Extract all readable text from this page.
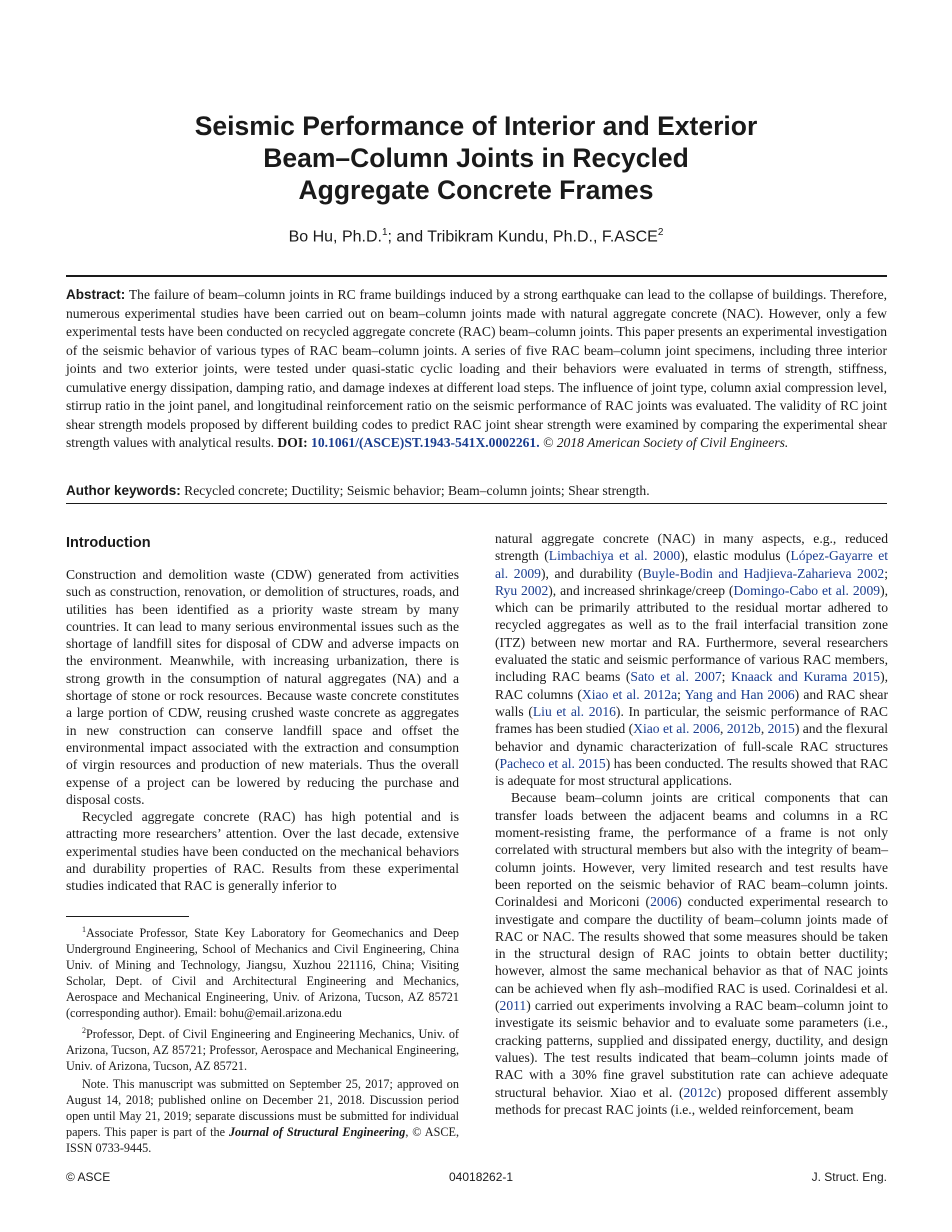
Seismic Performance of Interior and Exterior
Beam–Column Joints in Recycled
Aggregate Concrete Frames
Bo Hu, Ph.D.$^1$; and Tribikram Kundu, Ph.D., F.ASCE$^2$

Abstract: The failure of beam–column joints in RC frame buildings induced by a strong earthquake can lead to the collapse of buildings. Therefore, numerous experimental studies have been carried out on beam–column joints made with natural aggregate concrete (NAC). However, only a few experimental tests have been conducted on recycled aggregate concrete (RAC) beam–column joints. This paper presents an experimental investigation of the seismic behavior of various types of RAC beam–column joints. A series of five RAC beam–column joint specimens, including three interior joints and two exterior joints, were tested under quasi-static cyclic loading and their behaviors were evaluated in terms of strength, stiffness, cumulative energy dissipation, damping ratio, and damage indexes at different load steps. The influence of joint type, column axial compression level, stirrup ratio in the joint panel, and longitudinal reinforcement ratio on the seismic performance of RAC joints was evaluated. The validity of RC joint shear strength models proposed by different building codes to predict RAC joint shear strength were examined by comparing the experimental shear strength values with analytical results. DOI: 10.1061/(ASCE)ST.1943-541X.0002261. © 2018 American Society of Civil Engineers.

Author keywords: Recycled concrete; Ductility; Seismic behavior; Beam–column joints; Shear strength.
Introduction

Construction and demolition waste (CDW) generated from activities such as construction, renovation, or demolition of structures, roads, and utilities has been identified as a priority waste stream by many countries. It can lead to many serious environmental issues such as the shortage of landfill sites for disposal of CDW and adverse impacts on the environment. Meanwhile, with increasing urbanization, there is strong growth in the consumption of natural aggregates (NA) and a shortage of stone or rock resources. Because waste concrete constitutes a large portion of CDW, reusing crushed waste concrete as aggregates in new construction can conserve landfill space and offset the environmental impact associated with the extraction and consumption of virgin resources and production of new materials. Thus the overall expense of a project can be lowered by reducing the purchase and disposal costs.

Recycled aggregate concrete (RAC) has high potential and is attracting more researchers’ attention. Over the last decade, extensive experimental studies have been conducted on the mechanical behaviors and durability properties of RAC. Results from these experimental studies indicated that RAC is generally inferior to

natural aggregate concrete (NAC) in many aspects, e.g., reduced strength (Limbachiya et al. 2000), elastic modulus (López-Gayarre et al. 2009), and durability (Buyle-Bodin and Hadjieva-Zaharieva 2002; Ryu 2002), and increased shrinkage/creep (Domingo-Cabo et al. 2009), which can be primarily attributed to the residual mortar adhered to recycled aggregates as well as to the frail interfacial transition zone (ITZ) between new mortar and RA. Furthermore, several researchers evaluated the static and seismic performance of various RAC members, including RAC beams (Sato et al. 2007; Knaack and Kurama 2015), RAC columns (Xiao et al. 2012a; Yang and Han 2006) and RAC shear walls (Liu et al. 2016). In particular, the seismic performance of RAC frames has been studied (Xiao et al. 2006, 2012b, 2015) and the flexural behavior and dynamic characterization of full-scale RAC structures (Pacheco et al. 2015) has been conducted. The results showed that RAC is adequate for most structural applications.

Because beam–column joints are critical components that can transfer loads between the adjacent beams and columns in a RC moment-resisting frame, the performance of a frame is not only correlated with structural members but also with the integrity of beam–column joints. However, very limited research and test results have been reported on the seismic behavior of RAC beam–column joints. Corinaldesi and Moriconi (2006) conducted experimental research to investigate and compare the ductility of beam–column joints made of RAC or NAC. The results showed that some measures should be taken in the structural design of RAC joints to obtain better ductility; however, almost the same mechanical behavior as that of NAC joints can be achieved when fly ash–modified RAC is used. Corinaldesi et al. (2011) carried out experiments involving a RAC beam–column joint to investigate its seismic behavior and to evaluate some parameters (i.e., cracking patterns, supplied and dissipated energy, ductility, and design values). The test results indicated that beam–column joints made of RAC with a 30% fine gravel substitution rate can achieve adequate structural behavior. Xiao et al. (2012c) proposed different assembly methods for precast RAC joints (i.e., welded reinforcement, beam

$^1$Associate Professor, State Key Laboratory for Geomechanics and Deep Underground Engineering, School of Mechanics and Civil Engineering, China Univ. of Mining and Technology, Jiangsu, Xuzhou 221116, China; Visiting Scholar, Dept. of Civil and Architectural Engineering and Mechanics, Aerospace and Mechanical Engineering, Univ. of Arizona, Tucson, AZ 85721 (corresponding author). Email: bohu@email.arizona.edu

$^2$Professor, Dept. of Civil Engineering and Engineering Mechanics, Univ. of Arizona, Tucson, AZ 85721; Professor, Aerospace and Mechanical Engineering, Univ. of Arizona, Tucson, AZ 85721.

Note. This manuscript was submitted on September 25, 2017; approved on August 14, 2018; published online on December 21, 2018. Discussion period open until May 21, 2019; separate discussions must be submitted for individual papers. This paper is part of the Journal of Structural Engineering, © ASCE, ISSN 0733-9445.

© ASCE	04018262-1	J. Struct. Eng.
